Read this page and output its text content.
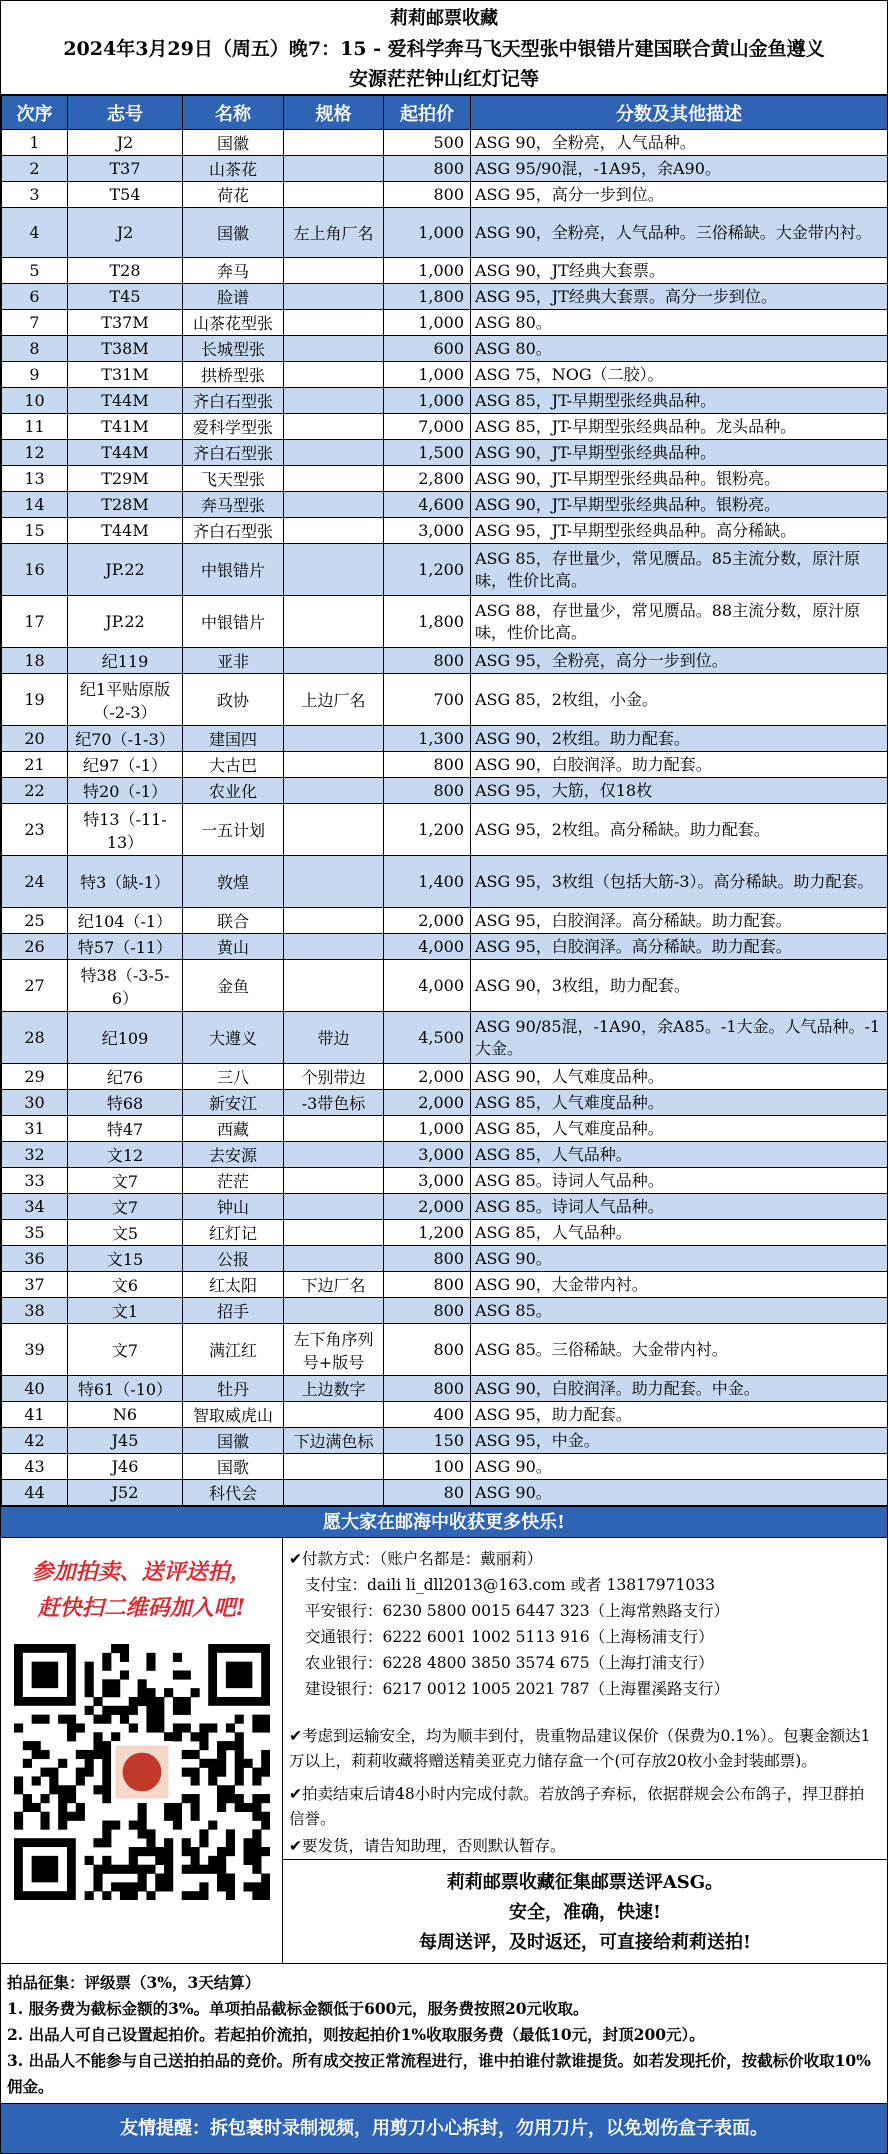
莉莉邮票收藏
2024年3月29日（周五）晚7：15 - 爱科学奔马飞天型张中银错片建国联合黄山金鱼遵义
安源茫茫钟山红灯记等
次序	志号	名称	规格	起拍价	分数及其他描述
1	J2	国徽		500	ASG 90，全粉亮，人气品种。
2	T37	山茶花		800	ASG 95/90混，-1A95，余A90。
3	T54	荷花		800	ASG 95，高分一步到位。
4	J2	国徽	左上角厂名	1,000	ASG 90，全粉亮，人气品种。三俗稀缺。大金带内衬。
5	T28	奔马		1,000	ASG 90，JT经典大套票。
6	T45	脸谱		1,800	ASG 95，JT经典大套票。高分一步到位。
7	T37M	山茶花型张		1,000	ASG 80。
8	T38M	长城型张		600	ASG 80。
9	T31M	拱桥型张		1,000	ASG 75，NOG（二胶）。
10	T44M	齐白石型张		1,000	ASG 85，JT-早期型张经典品种。
11	T41M	爱科学型张		7,000	ASG 85，JT-早期型张经典品种。龙头品种。
12	T44M	齐白石型张		1,500	ASG 90，JT-早期型张经典品种。
13	T29M	飞天型张		2,800	ASG 90，JT-早期型张经典品种。银粉亮。
14	T28M	奔马型张		4,600	ASG 90，JT-早期型张经典品种。银粉亮。
15	T44M	齐白石型张		3,000	ASG 95，JT-早期型张经典品种。高分稀缺。
16	JP.22	中银错片		1,200	ASG 85，存世量少，常见赝品。85主流分数，原汁原味，性价比高。
17	JP.22	中银错片		1,800	ASG 88，存世量少，常见赝品。88主流分数，原汁原味，性价比高。
18	纪119	亚非		800	ASG 95，全粉亮，高分一步到位。
19	纪1平贴原版（-2-3）	政协	上边厂名	700	ASG 85，2枚组，小金。
20	纪70（-1-3）	建国四		1,300	ASG 90，2枚组。助力配套。
21	纪97（-1）	大古巴		800	ASG 90，白胶润泽。助力配套。
22	特20（-1）	农业化		800	ASG 95，大筋，仅18枚
23	特13（-11-13）	一五计划		1,200	ASG 95，2枚组。高分稀缺。助力配套。
24	特3（缺-1）	敦煌		1,400	ASG 95，3枚组（包括大筋-3）。高分稀缺。助力配套。
25	纪104（-1）	联合		2,000	ASG 95，白胶润泽。高分稀缺。助力配套。
26	特57（-11）	黄山		4,000	ASG 95，白胶润泽。高分稀缺。助力配套。
27	特38（-3-5-6）	金鱼		4,000	ASG 90，3枚组，助力配套。
28	纪109	大遵义	带边	4,500	ASG 90/85混，-1A90，余A85。-1大金。人气品种。-1大金。
29	纪76	三八	个别带边	2,000	ASG 90，人气难度品种。
30	特68	新安江	-3带色标	2,000	ASG 85，人气难度品种。
31	特47	西藏		1,000	ASG 85，人气难度品种。
32	文12	去安源		3,000	ASG 85，人气品种。
33	文7	茫茫		3,000	ASG 85。诗词人气品种。
34	文7	钟山		2,000	ASG 85。诗词人气品种。
35	文5	红灯记		1,200	ASG 85，人气品种。
36	文15	公报		800	ASG 90。
37	文6	红太阳	下边厂名	800	ASG 90，大金带内衬。
38	文1	招手		800	ASG 85。
39	文7	满江红	左下角序列号+版号	800	ASG 85。三俗稀缺。大金带内衬。
40	特61（-10）	牡丹	上边数字	800	ASG 90，白胶润泽。助力配套。中金。
41	N6	智取威虎山		400	ASG 95，助力配套。
42	J45	国徽	下边满色标	150	ASG 95，中金。
43	J46	国歌		100	ASG 90。
44	J52	科代会		80	ASG 90。
愿大家在邮海中收获更多快乐!
参加拍卖、送评送拍，
赶快扫二维码加入吧!
✔付款方式：（账户名都是：戴丽莉）
支付宝：daili li_dll2013@163.com 或者 13817971033
平安银行：6230 5800 0015 6447 323（上海常熟路支行）
交通银行：6222 6001 1002 5113 916（上海杨浦支行）
农业银行：6228 4800 3850 3574 675（上海打浦支行）
建设银行：6217 0012 1005 2021 787（上海瞿溪路支行）
✔考虑到运输安全，均为顺丰到付，贵重物品建议保价（保费为0.1%）。包裹金额达1万以上，莉莉收藏将赠送精美亚克力储存盒一个(可存放20枚小金封装邮票)。
✔拍卖结束后请48小时内完成付款。若放鸽子弃标，依据群规会公布鸽子，捍卫群拍信誉。
✔要发货，请告知助理，否则默认暂存。
莉莉邮票收藏征集邮票送评ASG。
安全，准确，快速!
每周送评，及时返还，可直接给莉莉送拍!
拍品征集：评级票（3%，3天结算）
1. 服务费为截标金额的3%。单项拍品截标金额低于600元，服务费按照20元收取。
2. 出品人可自己设置起拍价。若起拍价流拍，则按起拍价1%收取服务费（最低10元，封顶200元）。
3. 出品人不能参与自己送拍拍品的竞价。所有成交按正常流程进行，谁中拍谁付款谁提货。如若发现托价，按截标价收取10%佣金。
友情提醒：拆包裹时录制视频，用剪刀小心拆封，勿用刀片，以免划伤盒子表面。
